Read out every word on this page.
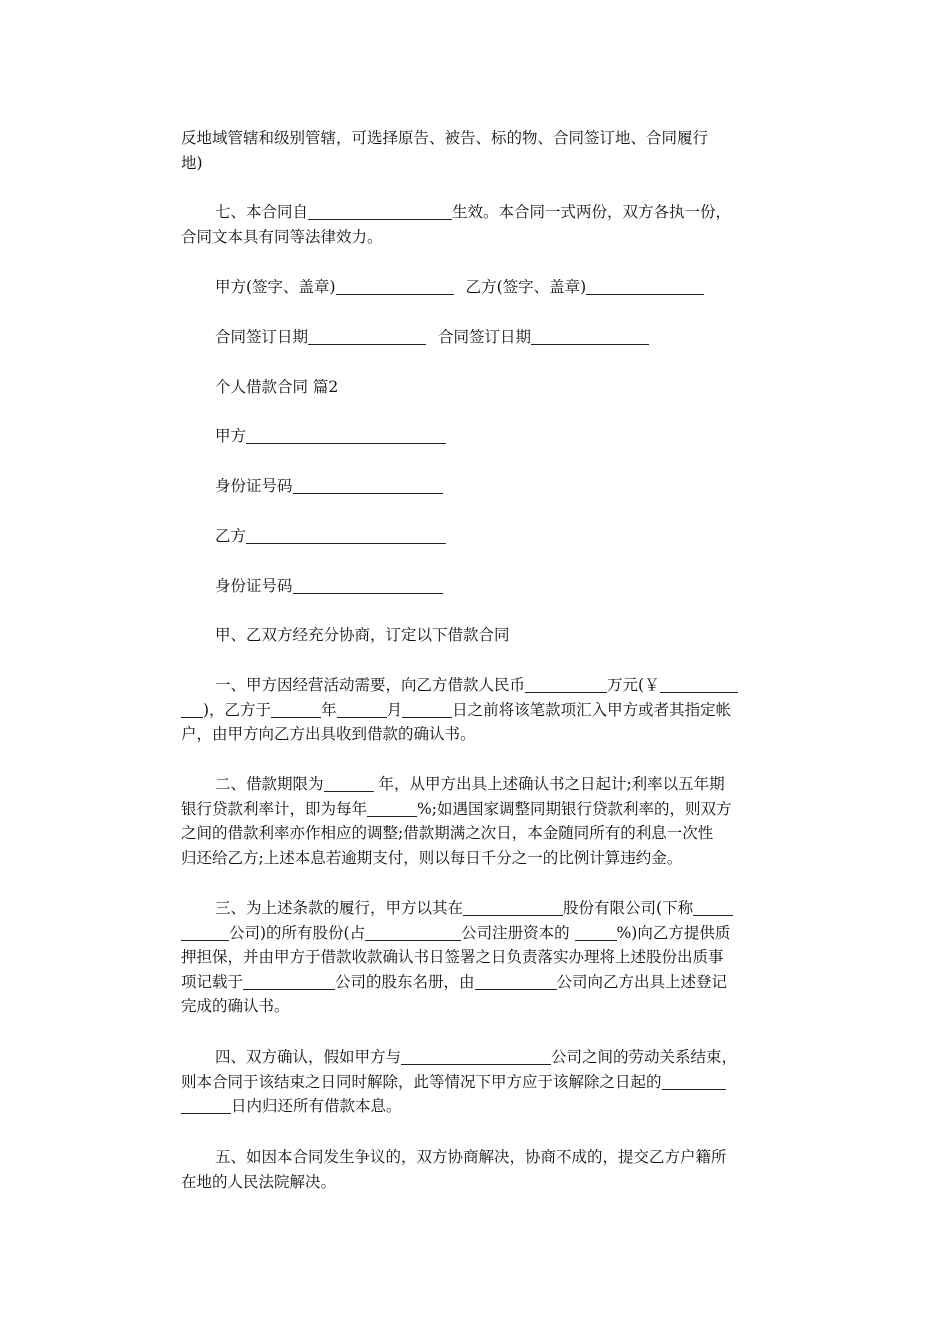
反地域管辖和级别管辖，可选择原告、被告、标的物、合同签订地、合同履行
地)
七、本合同自	生效。本合同一式两份，双方各执一份，
合同文本具有同等法律效力。
甲方(签字、盖章)	乙方(签字、盖章)
合同签订日期	合同签订日期
个人借款合同 篇2
甲方
身份证号码
乙方
身份证号码
甲、乙双方经充分协商，订定以下借款合同
一、甲方因经营活动需要，向乙方借款人民币	万元(￥
)，乙方于	年	月	日之前将该笔款项汇入甲方或者其指定帐
户，由甲方向乙方出具收到借款的确认书。
二、借款期限为	年，从甲方出具上述确认书之日起计;利率以五年期
银行贷款利率计，即为每年	%;如遇国家调整同期银行贷款利率的，则双方
之间的借款利率亦作相应的调整;借款期满之次日，本金随同所有的利息一次性
归还给乙方;上述本息若逾期支付，则以每日千分之一的比例计算违约金。
三、为上述条款的履行，甲方以其在	股份有限公司(下称
公司)的所有股份(占	公司注册资本的	%)向乙方提供质
押担保，并由甲方于借款收款确认书日签署之日负责落实办理将上述股份出质事
项记载于	公司的股东名册，由	公司向乙方出具上述登记
完成的确认书。
四、双方确认，假如甲方与	公司之间的劳动关系结束，
则本合同于该结束之日同时解除，此等情况下甲方应于该解除之日起的
日内归还所有借款本息。
五、如因本合同发生争议的，双方协商解决，协商不成的，提交乙方户籍所
在地的人民法院解决。
